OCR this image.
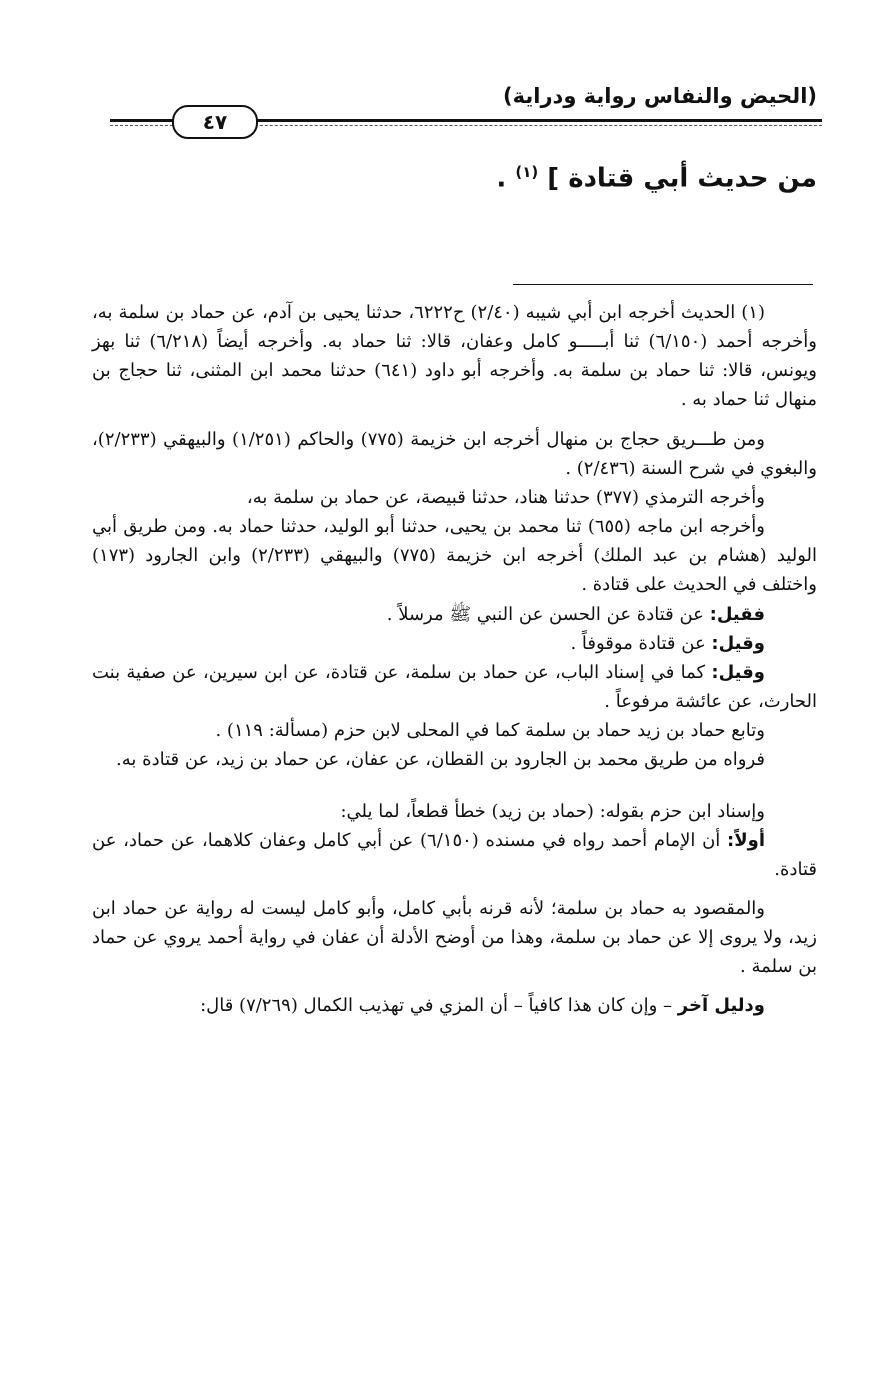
(الحيض والنفاس رواية ودراية)
٤٧
من حديث أبي قتادة ] $^{(١)}$ .

(١) الحديث أخرجه ابن أبي شيبه (٢/٤٠) ح٦٢٢٢، حدثنا يحيى بن آدم، عن حماد بن سلمة به، وأخرجه أحمد (٦/١٥٠) ثنا أبـــــو كامل وعفان، قالا: ثنا حماد به. وأخرجه أيضاً (٦/٢١٨) ثنا بهز ويونس، قالا: ثنا حماد بن سلمة به. وأخرجه أبو داود (٦٤١) حدثنا محمد ابن المثنى، ثنا حجاج بن منهال ثنا حماد به .

ومن طـــريق حجاج بن منهال أخرجه ابن خزيمة (٧٧٥) والحاكم (١/٢٥١) والبيهقي (٢/٢٣٣)، والبغوي في شرح السنة (٢/٤٣٦) .

وأخرجه الترمذي (٣٧٧) حدثنا هناد، حدثنا قبيصة، عن حماد بن سلمة به،

وأخرجه ابن ماجه (٦٥٥) ثنا محمد بن يحيى، حدثنا أبو الوليد، حدثنا حماد به. ومن طريق أبي الوليد (هشام بن عبد الملك) أخرجه ابن خزيمة (٧٧٥) والبيهقي (٢/٢٣٣) وابن الجارود (١٧٣) واختلف في الحديث على قتادة .

فقيل: عن قتادة عن الحسن عن النبي ﷺ مرسلاً .

وقيل: عن قتادة موقوفاً .

وقيل: كما في إسناد الباب، عن حماد بن سلمة، عن قتادة، عن ابن سيرين، عن صفية بنت الحارث، عن عائشة مرفوعاً .

وتابع حماد بن زيد حماد بن سلمة كما في المحلى لابن حزم (مسألة: ١١٩) .

فرواه من طريق محمد بن الجارود بن القطان، عن عفان، عن حماد بن زيد، عن قتادة به.

وإسناد ابن حزم بقوله: (حماد بن زيد) خطأ قطعاً، لما يلي:

أولاً: أن الإمام أحمد رواه في مسنده (٦/١٥٠) عن أبي كامل وعفان كلاهما، عن حماد، عن قتادة.

والمقصود به حماد بن سلمة؛ لأنه قرنه بأبي كامل، وأبو كامل ليست له رواية عن حماد ابن زيد، ولا يروى إلا عن حماد بن سلمة، وهذا من أوضح الأدلة أن عفان في رواية أحمد يروي عن حماد بن سلمة .

ودليل آخر – وإن كان هذا كافياً – أن المزي في تهذيب الكمال (٧/٢٦٩) قال:
